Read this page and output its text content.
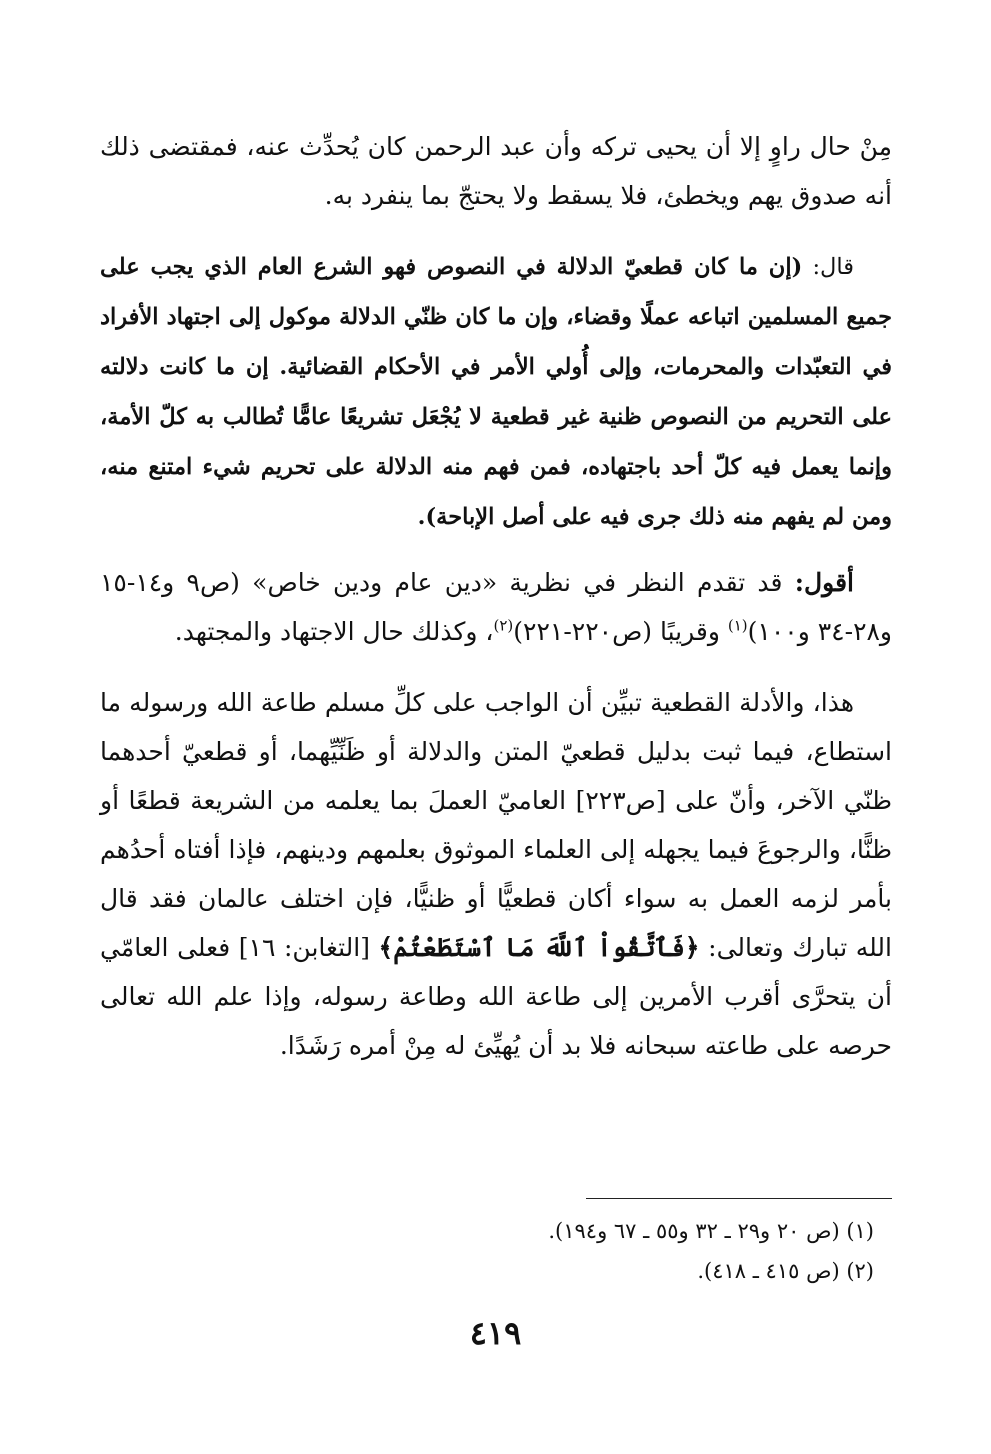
مِنْ حال راوٍ إلا أن يحيى تركه وأن عبد الرحمن كان يُحدِّث عنه، فمقتضى ذلك أنه صدوق يهم ويخطئ، فلا يسقط ولا يحتجّ بما ينفرد به.

قال: (إن ما كان قطعيّ الدلالة في النصوص فهو الشرع العام الذي يجب على جميع المسلمين اتباعه عملًا وقضاء، وإن ما كان ظنّي الدلالة موكول إلى اجتهاد الأفراد في التعبّدات والمحرمات، وإلى أُولي الأمر في الأحكام القضائية. إن ما كانت دلالته على التحريم من النصوص ظنية غير قطعية لا يُجْعَل تشريعًا عامًّا تُطالب به كلّ الأمة، وإنما يعمل فيه كلّ أحد باجتهاده، فمن فهم منه الدلالة على تحريم شيء امتنع منه، ومن لم يفهم منه ذلك جرى فيه على أصل الإباحة).

أقول: قد تقدم النظر في نظرية «دين عام ودين خاص» (ص٩ و١٤-١٥ و٢٨-٣٤ و١٠٠)$^{(١)}$ وقريبًا (ص٢٢٠-٢٢١)$^{(٢)}$، وكذلك حال الاجتهاد والمجتهد.

هذا، والأدلة القطعية تبيِّن أن الواجب على كلِّ مسلم طاعة الله ورسوله ما استطاع، فيما ثبت بدليل قطعيّ المتن والدلالة أو ظَنِّيِّهما، أو قطعيّ أحدهما ظنّي الآخر، وأنّ على [ص٢٢٣] العاميّ العملَ بما يعلمه من الشريعة قطعًا أو ظنًّا، والرجوعَ فيما يجهله إلى العلماء الموثوق بعلمهم ودينهم، فإذا أفتاه أحدُهم بأمر لزمه العمل به سواء أكان قطعيًّا أو ظنيًّا، فإن اختلف عالمان فقد قال الله تبارك وتعالى: ﴿فَٱتَّقُواْ ٱللَّهَ مَا ٱسْتَطَعْتُمْ﴾ [التغابن: ١٦] فعلى العامّي أن يتحرَّى أقرب الأمرين إلى طاعة الله وطاعة رسوله، وإذا علم الله تعالى حرصه على طاعته سبحانه فلا بد أن يُهيِّئ له مِنْ أمره رَشَدًا.

(١) (ص ٢٠ و٢٩ ـ ٣٢ و٥٥ ـ ٦٧ و١٩٤).
(٢) (ص ٤١٥ ـ ٤١٨).
٤١٩
